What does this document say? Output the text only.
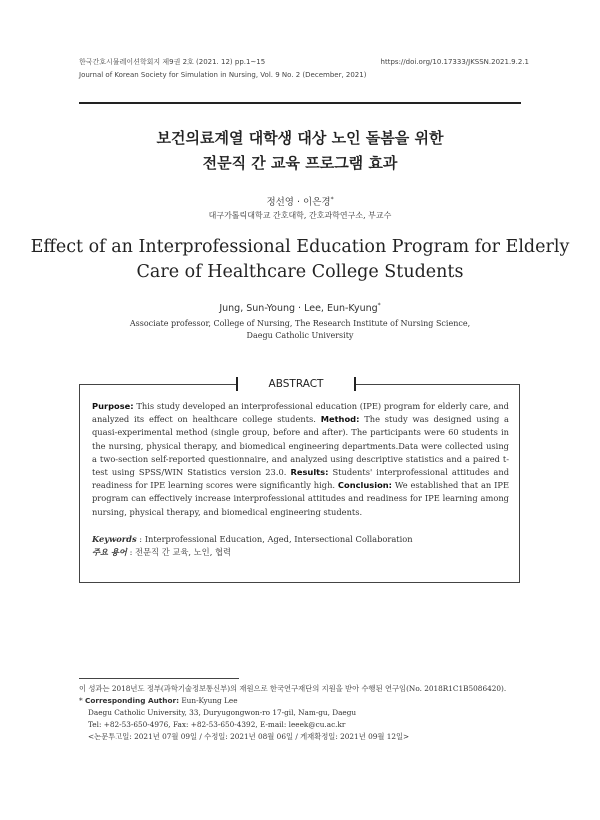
한국간호시뮬레이션학회지 제9권 2호 (2021. 12) pp.1~15
Journal of Korean Society for Simulation in Nursing, Vol. 9 No. 2 (December, 2021)
https://doi.org/10.17333/JKSSN.2021.9.2.1
보건의료계열 대학생 대상 노인 돌봄을 위한
전문직 간 교육 프로그램 효과
정선영 · 이은경*
대구가톨릭대학교 간호대학, 간호과학연구소, 부교수
Effect of an Interprofessional Education Program for Elderly
Care of Healthcare College Students
Jung, Sun-Young · Lee, Eun-Kyung*
Associate professor, College of Nursing, The Research Institute of Nursing Science,
Daegu Catholic University
ABSTRACT
Purpose: This study developed an interprofessional education (IPE) program for elderly care, and analyzed its effect on healthcare college students. Method: The study was designed using a quasi-experimental method (single group, before and after). The participants were 60 students in the nursing, physical therapy, and biomedical engineering departments.Data were collected using a two-section self-reported questionnaire, and analyzed using descriptive statistics and a paired t-test using SPSS/WIN Statistics version 23.0. Results: Students' interprofessional attitudes and readiness for IPE learning scores were significantly high. Conclusion: We established that an IPE program can effectively increase interprofessional attitudes and readiness for IPE learning among nursing, physical therapy, and biomedical engineering students.
Keywords : Interprofessional Education, Aged, Intersectional Collaboration
주요 용어 : 전문직 간 교육, 노인, 협력
이 성과는 2018년도 정부(과학기술정보통신부)의 재원으로 한국연구재단의 지원을 받아 수행된 연구임(No. 2018R1C1B5086420).
* Corresponding Author: Eun-Kyung Lee
Daegu Catholic University, 33, Duryugongwon-ro 17-gil, Nam-gu, Daegu
Tel: +82-53-650-4976, Fax: +82-53-650-4392, E-mail: leeek@cu.ac.kr
<논문투고일: 2021년 07월 09일 / 수정일: 2021년 08월 06일 / 게재확정일: 2021년 09월 12일>
